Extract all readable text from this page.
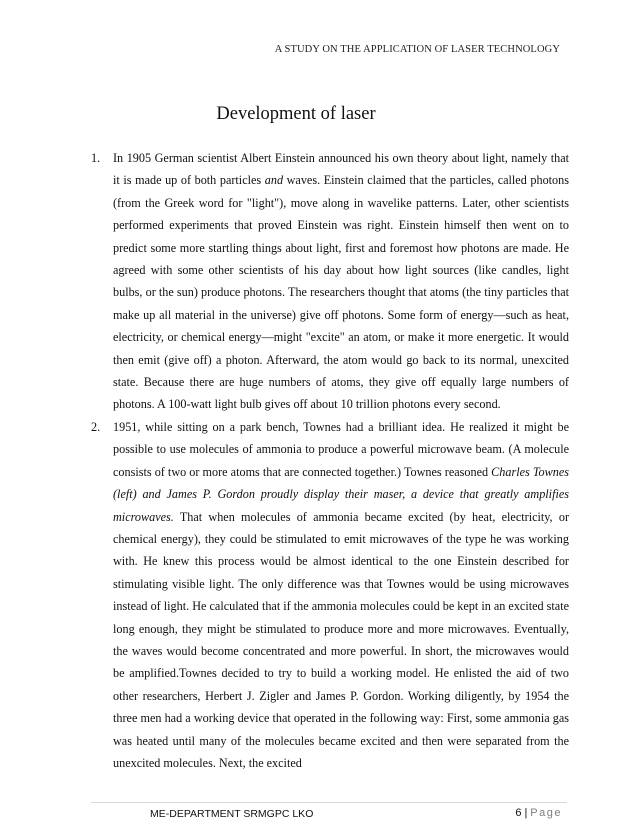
A STUDY ON THE APPLICATION OF LASER TECHNOLOGY
Development of laser
1. In 1905 German scientist Albert Einstein announced his own theory about light, namely that it is made up of both particles and waves. Einstein claimed that the particles, called photons (from the Greek word for "light"), move along in wavelike patterns. Later, other scientists performed experiments that proved Einstein was right. Einstein himself then went on to predict some more startling things about light, first and foremost how photons are made. He agreed with some other scientists of his day about how light sources (like candles, light bulbs, or the sun) produce photons. The researchers thought that atoms (the tiny particles that make up all material in the universe) give off photons. Some form of energy—such as heat, electricity, or chemical energy—might "excite" an atom, or make it more energetic. It would then emit (give off) a photon. Afterward, the atom would go back to its normal, unexcited state. Because there are huge numbers of atoms, they give off equally large numbers of photons. A 100-watt light bulb gives off about 10 trillion photons every second.
2. 1951, while sitting on a park bench, Townes had a brilliant idea. He realized it might be possible to use molecules of ammonia to produce a powerful microwave beam. (A molecule consists of two or more atoms that are connected together.) Townes reasoned Charles Townes (left) and James P. Gordon proudly display their maser, a device that greatly amplifies microwaves. That when molecules of ammonia became excited (by heat, electricity, or chemical energy), they could be stimulated to emit microwaves of the type he was working with. He knew this process would be almost identical to the one Einstein described for stimulating visible light. The only difference was that Townes would be using microwaves instead of light. He calculated that if the ammonia molecules could be kept in an excited state long enough, they might be stimulated to produce more and more microwaves. Eventually, the waves would become concentrated and more powerful. In short, the microwaves would be amplified.Townes decided to try to build a working model. He enlisted the aid of two other researchers, Herbert J. Zigler and James P. Gordon. Working diligently, by 1954 the three men had a working device that operated in the following way: First, some ammonia gas was heated until many of the molecules became excited and then were separated from the unexcited molecules. Next, the excited
ME-DEPARTMENT SRMGPC LKO	6 | Page
